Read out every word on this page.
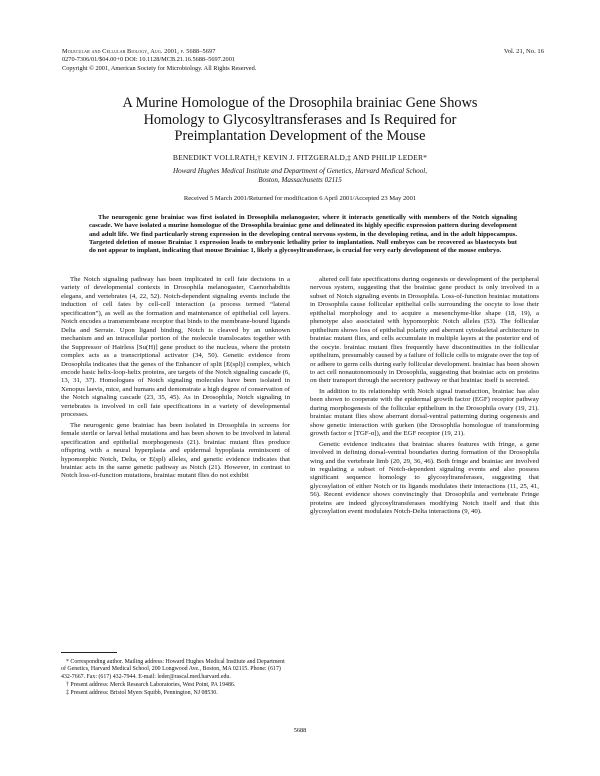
Molecular and Cellular Biology, Aug. 2001, p. 5688–5697
0270-7306/01/$04.00+0 DOI: 10.1128/MCB.21.16.5688–5697.2001
Copyright © 2001, American Society for Microbiology. All Rights Reserved.
Vol. 21, No. 16
A Murine Homologue of the Drosophila brainiac Gene Shows
Homology to Glycosyltransferases and Is Required for
Preimplantation Development of the Mouse
BENEDIKT VOLLRATH,† KEVIN J. FITZGERALD,‡ AND PHILIP LEDER*
Howard Hughes Medical Institute and Department of Genetics, Harvard Medical School,
Boston, Massachusetts 02115
Received 5 March 2001/Returned for modification 6 April 2001/Accepted 23 May 2001
The neurogenic gene brainiac was first isolated in Drosophila melanogaster, where it interacts genetically with members of the Notch signaling cascade. We have isolated a murine homologue of the Drosophila brainiac gene and delineated its highly specific expression pattern during development and adult life. We find particularly strong expression in the developing central nervous system, in the developing retina, and in the adult hippocampus. Targeted deletion of mouse Brainiac 1 expression leads to embryonic lethality prior to implantation. Null embryos can be recovered as blastocysts but do not appear to implant, indicating that mouse Brainiac 1, likely a glycosyltransferase, is crucial for very early development of the mouse embryo.

The Notch signaling pathway has been implicated in cell fate decisions in a variety of developmental contexts in Drosophila melanogaster, Caenorhabditis elegans, and vertebrates (4, 22, 52). Notch-dependent signaling events include the induction of cell fates by cell-cell interaction (a process termed “lateral specification”), as well as the formation and maintenance of epithelial cell layers. Notch encodes a transmembrane receptor that binds to the membrane-bound ligands Delta and Serrate. Upon ligand binding, Notch is cleaved by an unknown mechanism and an intracellular portion of the molecule translocates together with the Suppressor of Hairless [Su(H)] gene product to the nucleus, where the protein complex acts as a transcriptional activator (34, 50). Genetic evidence from Drosophila indicates that the genes of the Enhancer of split [E(spl)] complex, which encode basic helix-loop-helix proteins, are targets of the Notch signaling cascade (6, 13, 31, 37). Homologues of Notch signaling molecules have been isolated in Xenopus laevis, mice, and humans and demonstrate a high degree of conservation of the Notch signaling cascade (23, 35, 45). As in Drosophila, Notch signaling in vertebrates is involved in cell fate specifications in a variety of developmental processes.

The neurogenic gene brainiac has been isolated in Drosophila in screens for female sterile or larval lethal mutations and has been shown to be involved in lateral specification and epithelial morphogenesis (21). brainiac mutant flies produce offspring with a neural hyperplasia and epidermal hypoplasia reminiscent of hypomorphic Notch, Delta, or E(spl) alleles, and genetic evidence indicates that brainiac acts in the same genetic pathway as Notch (21). However, in contrast to Notch loss-of-function mutations, brainiac mutant flies do not exhibit

altered cell fate specifications during oogenesis or development of the peripheral nervous system, suggesting that the brainiac gene product is only involved in a subset of Notch signaling events in Drosophila. Loss-of-function brainiac mutations in Drosophila cause follicular epithelial cells surrounding the oocyte to lose their epithelial morphology and to acquire a mesenchyme-like shape (18, 19), a phenotype also associated with hypomorphic Notch alleles (53). The follicular epithelium shows loss of epithelial polarity and aberrant cytoskeletal architecture in brainiac mutant flies, and cells accumulate in multiple layers at the posterior end of the oocyte. brainiac mutant flies frequently have discontinuities in the follicular epithelium, presumably caused by a failure of follicle cells to migrate over the top of or adhere to germ cells during early follicular development. brainiac has been shown to act cell nonautonomously in Drosophila, suggesting that brainiac acts on proteins on their transport through the secretory pathway or that brainiac itself is secreted.

In addition to its relationship with Notch signal transduction, brainiac has also been shown to cooperate with the epidermal growth factor (EGF) receptor pathway during morphogenesis of the follicular epithelium in the Drosophila ovary (19, 21). brainiac mutant flies show aberrant dorsal-ventral patterning during oogenesis and show genetic interaction with gurken (the Drosophila homologue of transforming growth factor α [TGF-α]), and the EGF receptor (19, 21).

Genetic evidence indicates that brainiac shares features with fringe, a gene involved in defining dorsal-ventral boundaries during formation of the Drosophila wing and the vertebrate limb (20, 29, 36, 46). Both fringe and brainiac are involved in regulating a subset of Notch-dependent signaling events and also possess significant sequence homology to glycosyltransferases, suggesting that glycosylation of either Notch or its ligands modulates their interactions (11, 25, 41, 56). Recent evidence shows convincingly that Drosophila and vertebrate Fringe proteins are indeed glycosyltransferases modifying Notch itself and that this glycosylation event modulates Notch-Delta interactions (9, 40).

* Corresponding author. Mailing address: Howard Hughes Medical Institute and Department of Genetics, Harvard Medical School, 200 Longwood Ave., Boston, MA 02115. Phone: (617) 432-7667. Fax: (617) 432-7944. E-mail: leder@rascal.med.harvard.edu.

† Present address: Merck Research Laboratories, West Point, PA 19486.

‡ Present address: Bristol Myers Squibb, Pennington, NJ 08530.

5688
